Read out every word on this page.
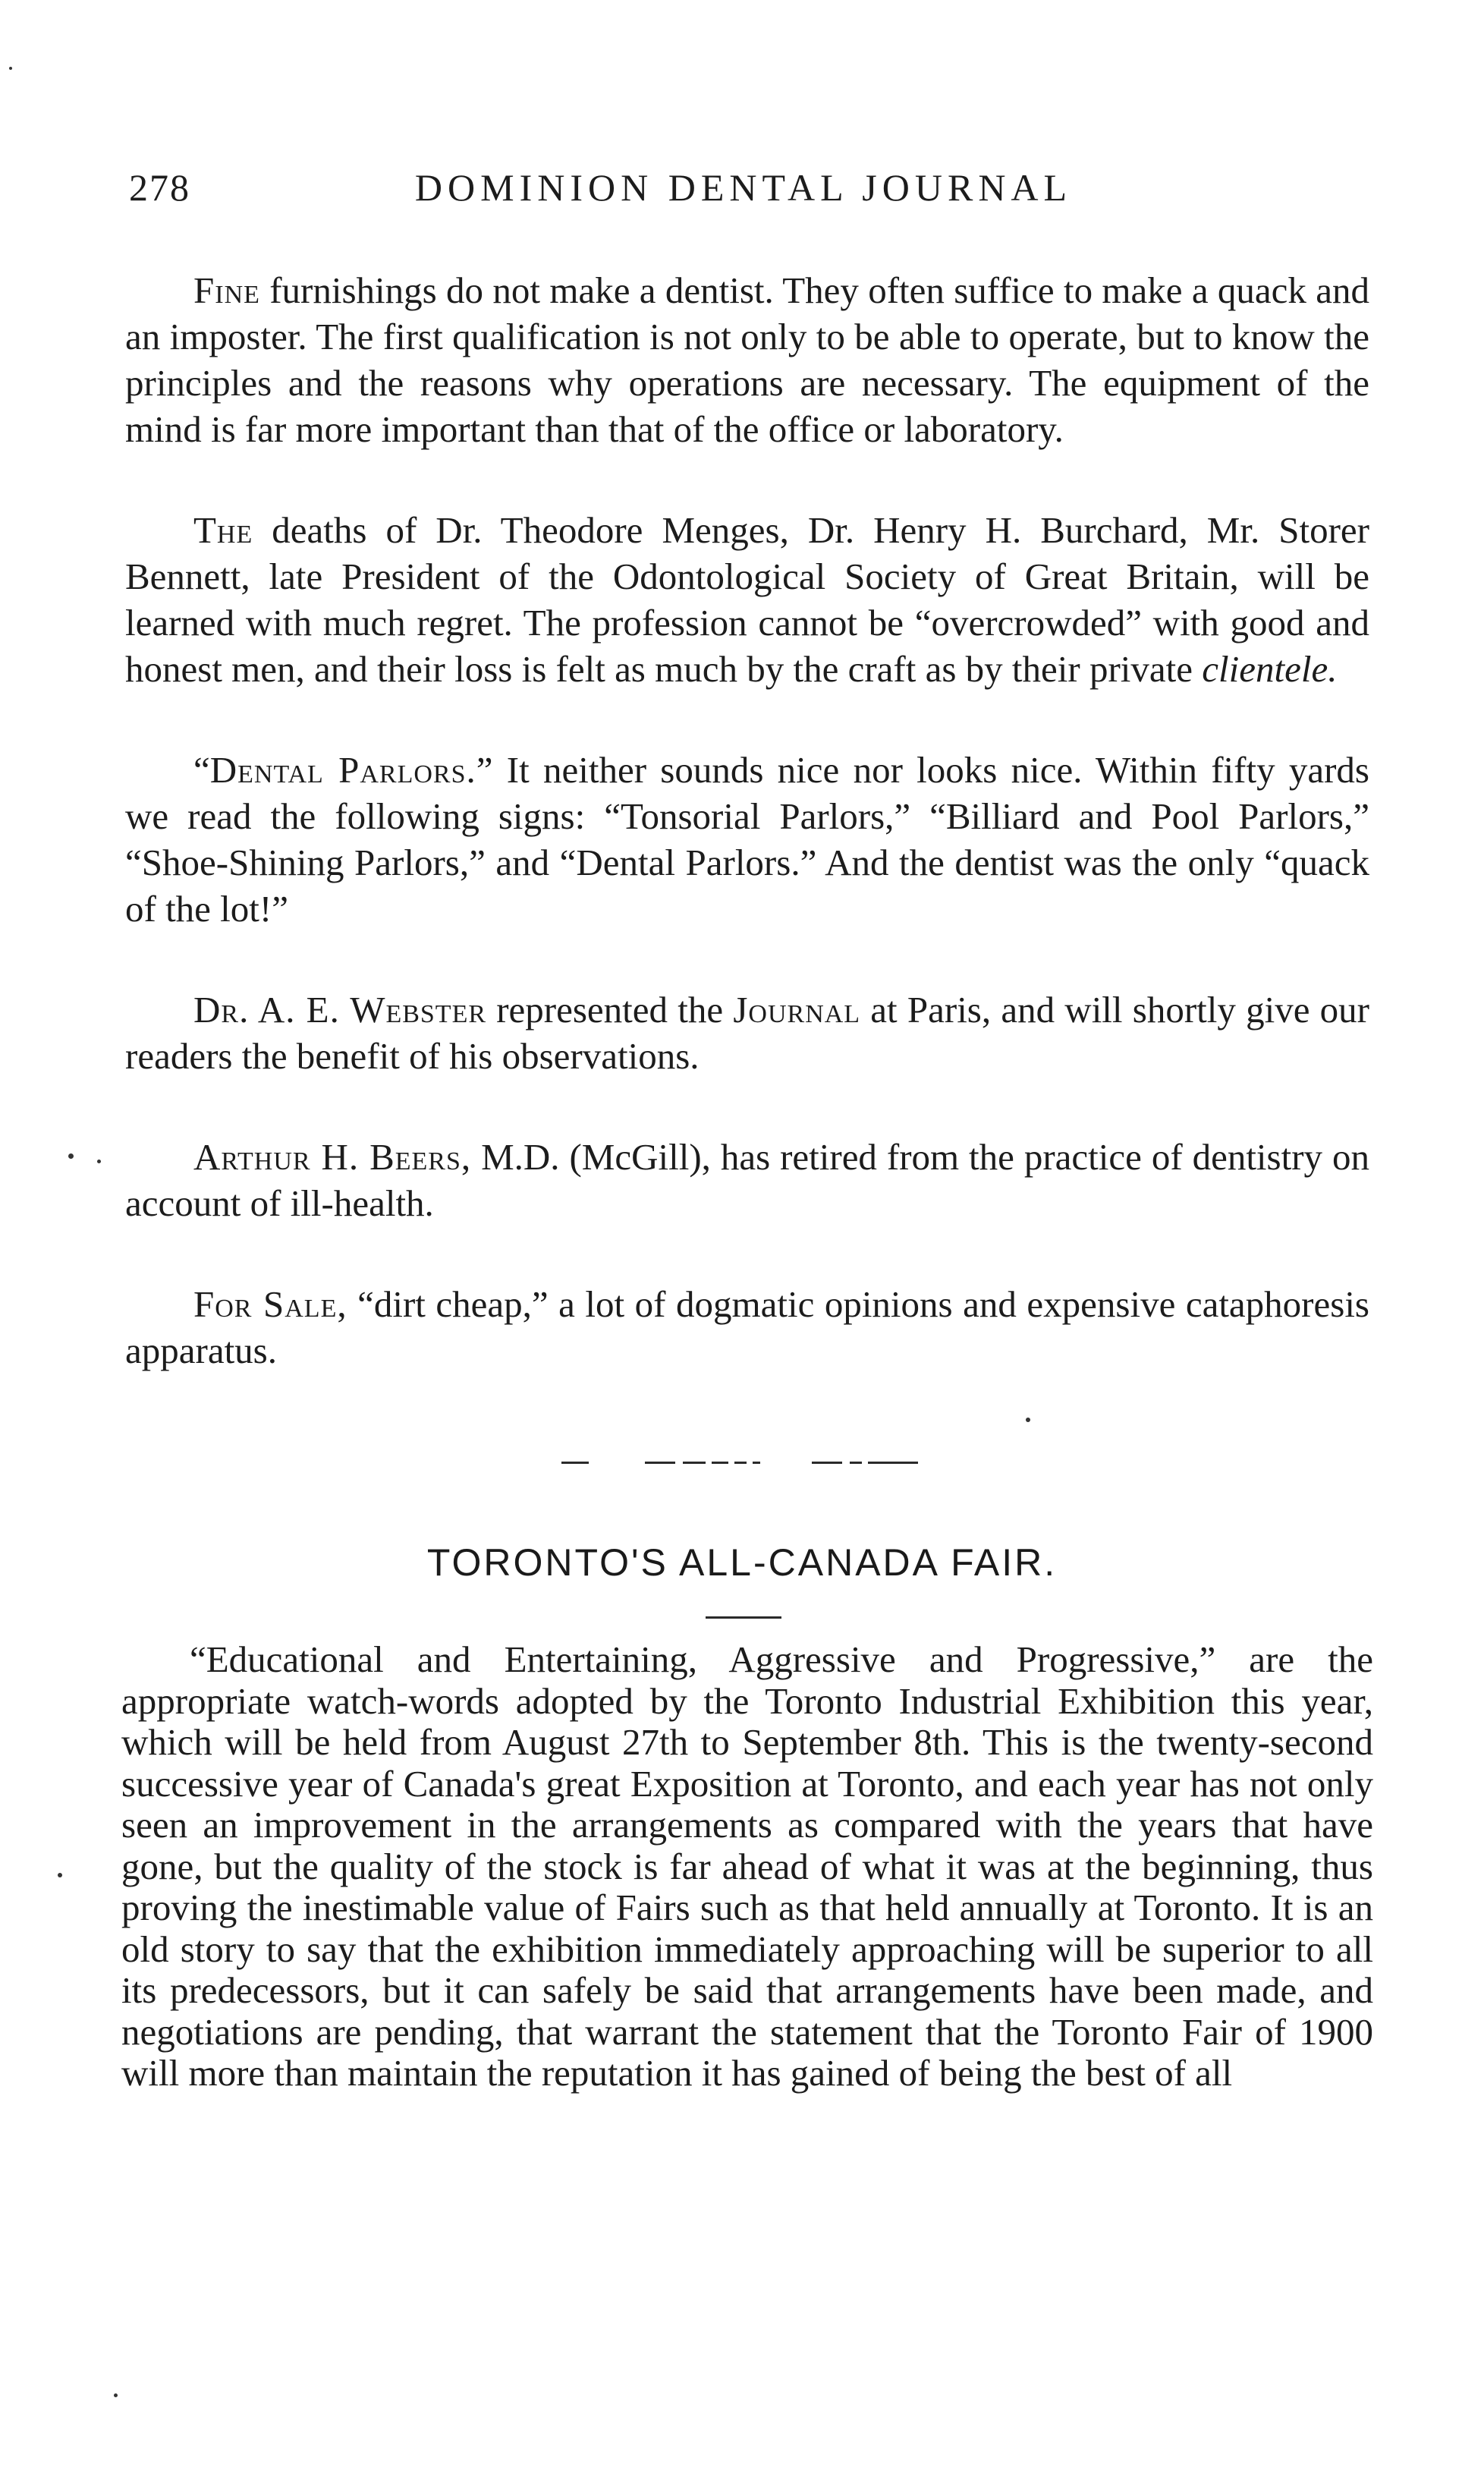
278	DOMINION DENTAL JOURNAL

Fine furnishings do not make a dentist. They often suffice to make a quack and an imposter. The first qualification is not only to be able to operate, but to know the principles and the reasons why operations are necessary. The equipment of the mind is far more important than that of the office or laboratory.

The deaths of Dr. Theodore Menges, Dr. Henry H. Burchard, Mr. Storer Bennett, late President of the Odontological Society of Great Britain, will be learned with much regret. The profession cannot be “overcrowded” with good and honest men, and their loss is felt as much by the craft as by their private clientele.

“Dental Parlors.” It neither sounds nice nor looks nice. Within fifty yards we read the following signs: “Tonsorial Parlors,” “Billiard and Pool Parlors,” “Shoe-Shining Parlors,” and “Dental Parlors.” And the dentist was the only “quack of the lot!”

Dr. A. E. Webster represented the Journal at Paris, and will shortly give our readers the benefit of his observations.

Arthur H. Beers, M.D. (McGill), has retired from the practice of dentistry on account of ill-health.

For Sale, “dirt cheap,” a lot of dogmatic opinions and expensive cataphoresis apparatus.

TORONTO'S ALL-CANADA FAIR.

“Educational and Entertaining, Aggressive and Progressive,” are the appropriate watch-words adopted by the Toronto Industrial Exhibition this year, which will be held from August 27th to September 8th. This is the twenty-second successive year of Canada's great Exposition at Toronto, and each year has not only seen an improvement in the arrangements as compared with the years that have gone, but the quality of the stock is far ahead of what it was at the beginning, thus proving the inestimable value of Fairs such as that held annually at Toronto. It is an old story to say that the exhibition immediately approaching will be superior to all its predecessors, but it can safely be said that arrangements have been made, and negotiations are pending, that warrant the statement that the Toronto Fair of 1900 will more than maintain the reputation it has gained of being the best of all
